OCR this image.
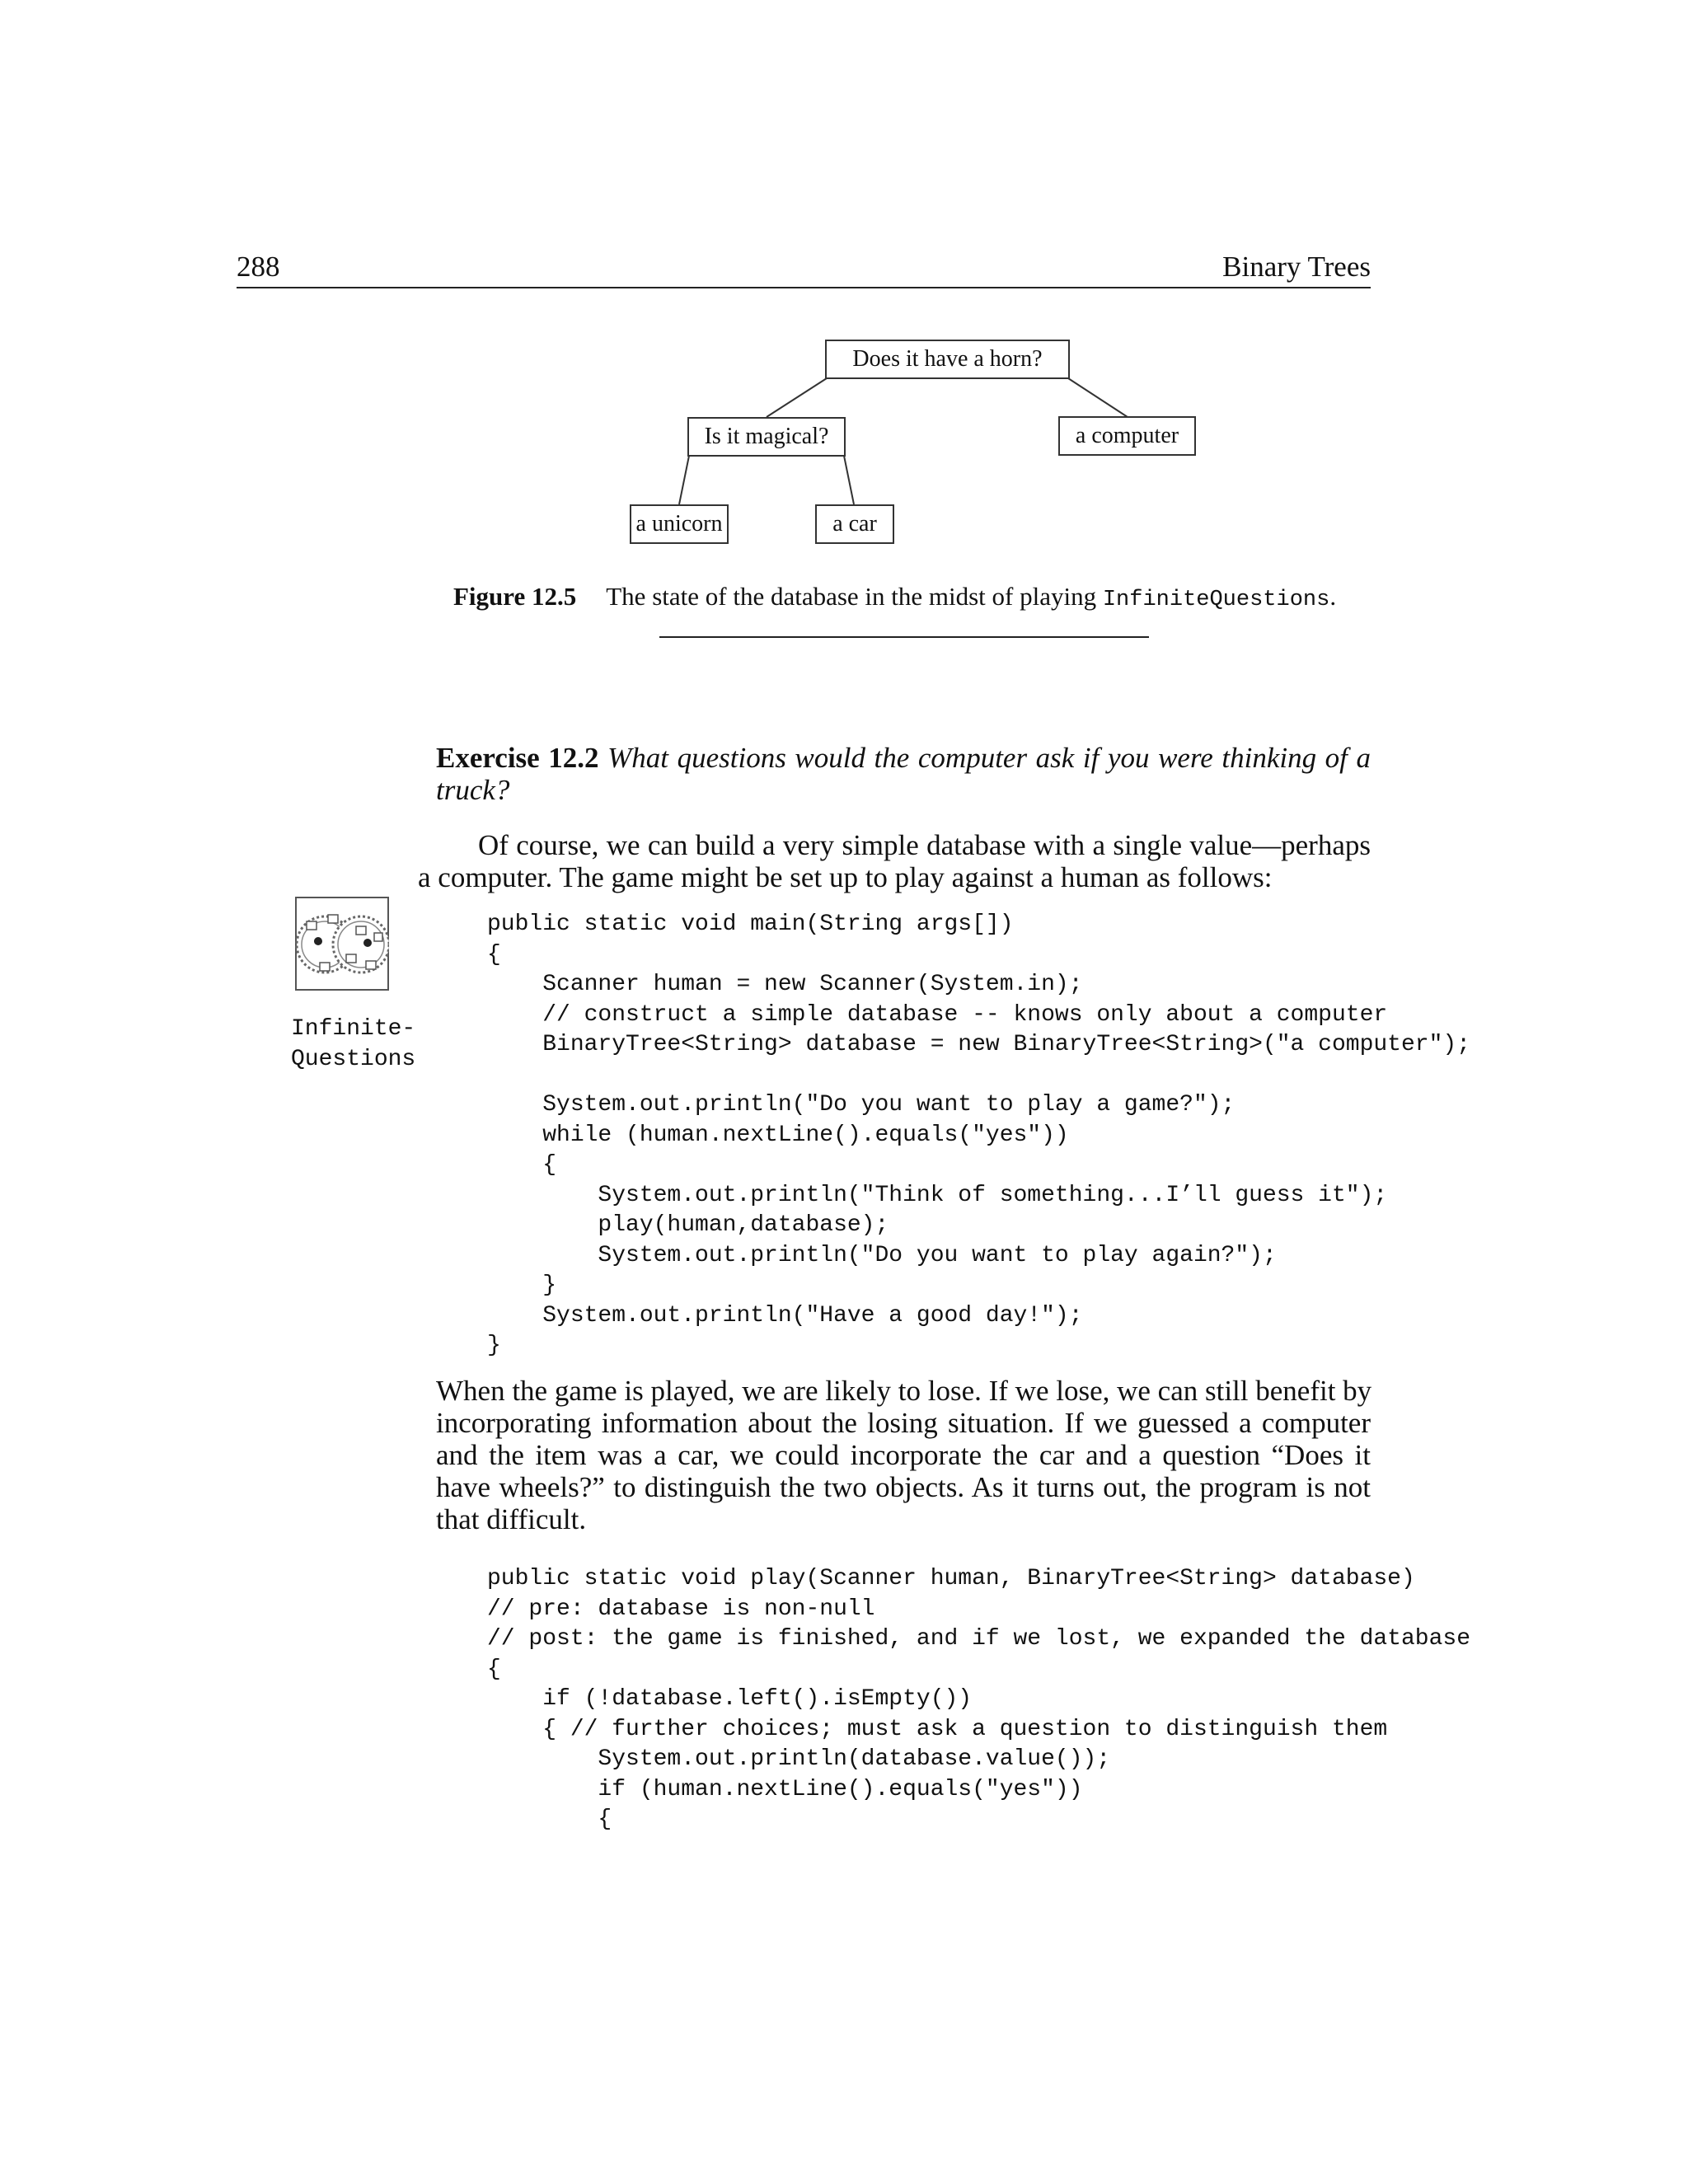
288	Binary Trees
Does it have a horn?
Is it magical?	a computer
a unicorn	a car
Figure 12.5 The state of the database in the midst of playing InfiniteQuestions.
Exercise 12.2 What questions would the computer ask if you were thinking of a
truck?
Of course, we can build a very simple database with a single value—perhaps
a computer. The game might be set up to play against a human as follows:
Infinite-
Questions
public static void main(String args[])
{
Scanner human = new Scanner(System.in);
// construct a simple database -- knows only about a computer
BinaryTree<String> database = new BinaryTree<String>("a computer");

System.out.println("Do you want to play a game?");
while (human.nextLine().equals("yes"))
{
System.out.println("Think of something...I’ll guess it");
play(human,database);
System.out.println("Do you want to play again?");
}
System.out.println("Have a good day!");
}
When the game is played, we are likely to lose. If we lose, we can still benefit by
incorporating information about the losing situation. If we guessed a computer
and the item was a car, we could incorporate the car and a question “Does it
have wheels?” to distinguish the two objects. As it turns out, the program is not
that difficult.
public static void play(Scanner human, BinaryTree<String> database)
// pre: database is non-null
// post: the game is finished, and if we lost, we expanded the database
{
if (!database.left().isEmpty())
{ // further choices; must ask a question to distinguish them
System.out.println(database.value());
if (human.nextLine().equals("yes"))
{
